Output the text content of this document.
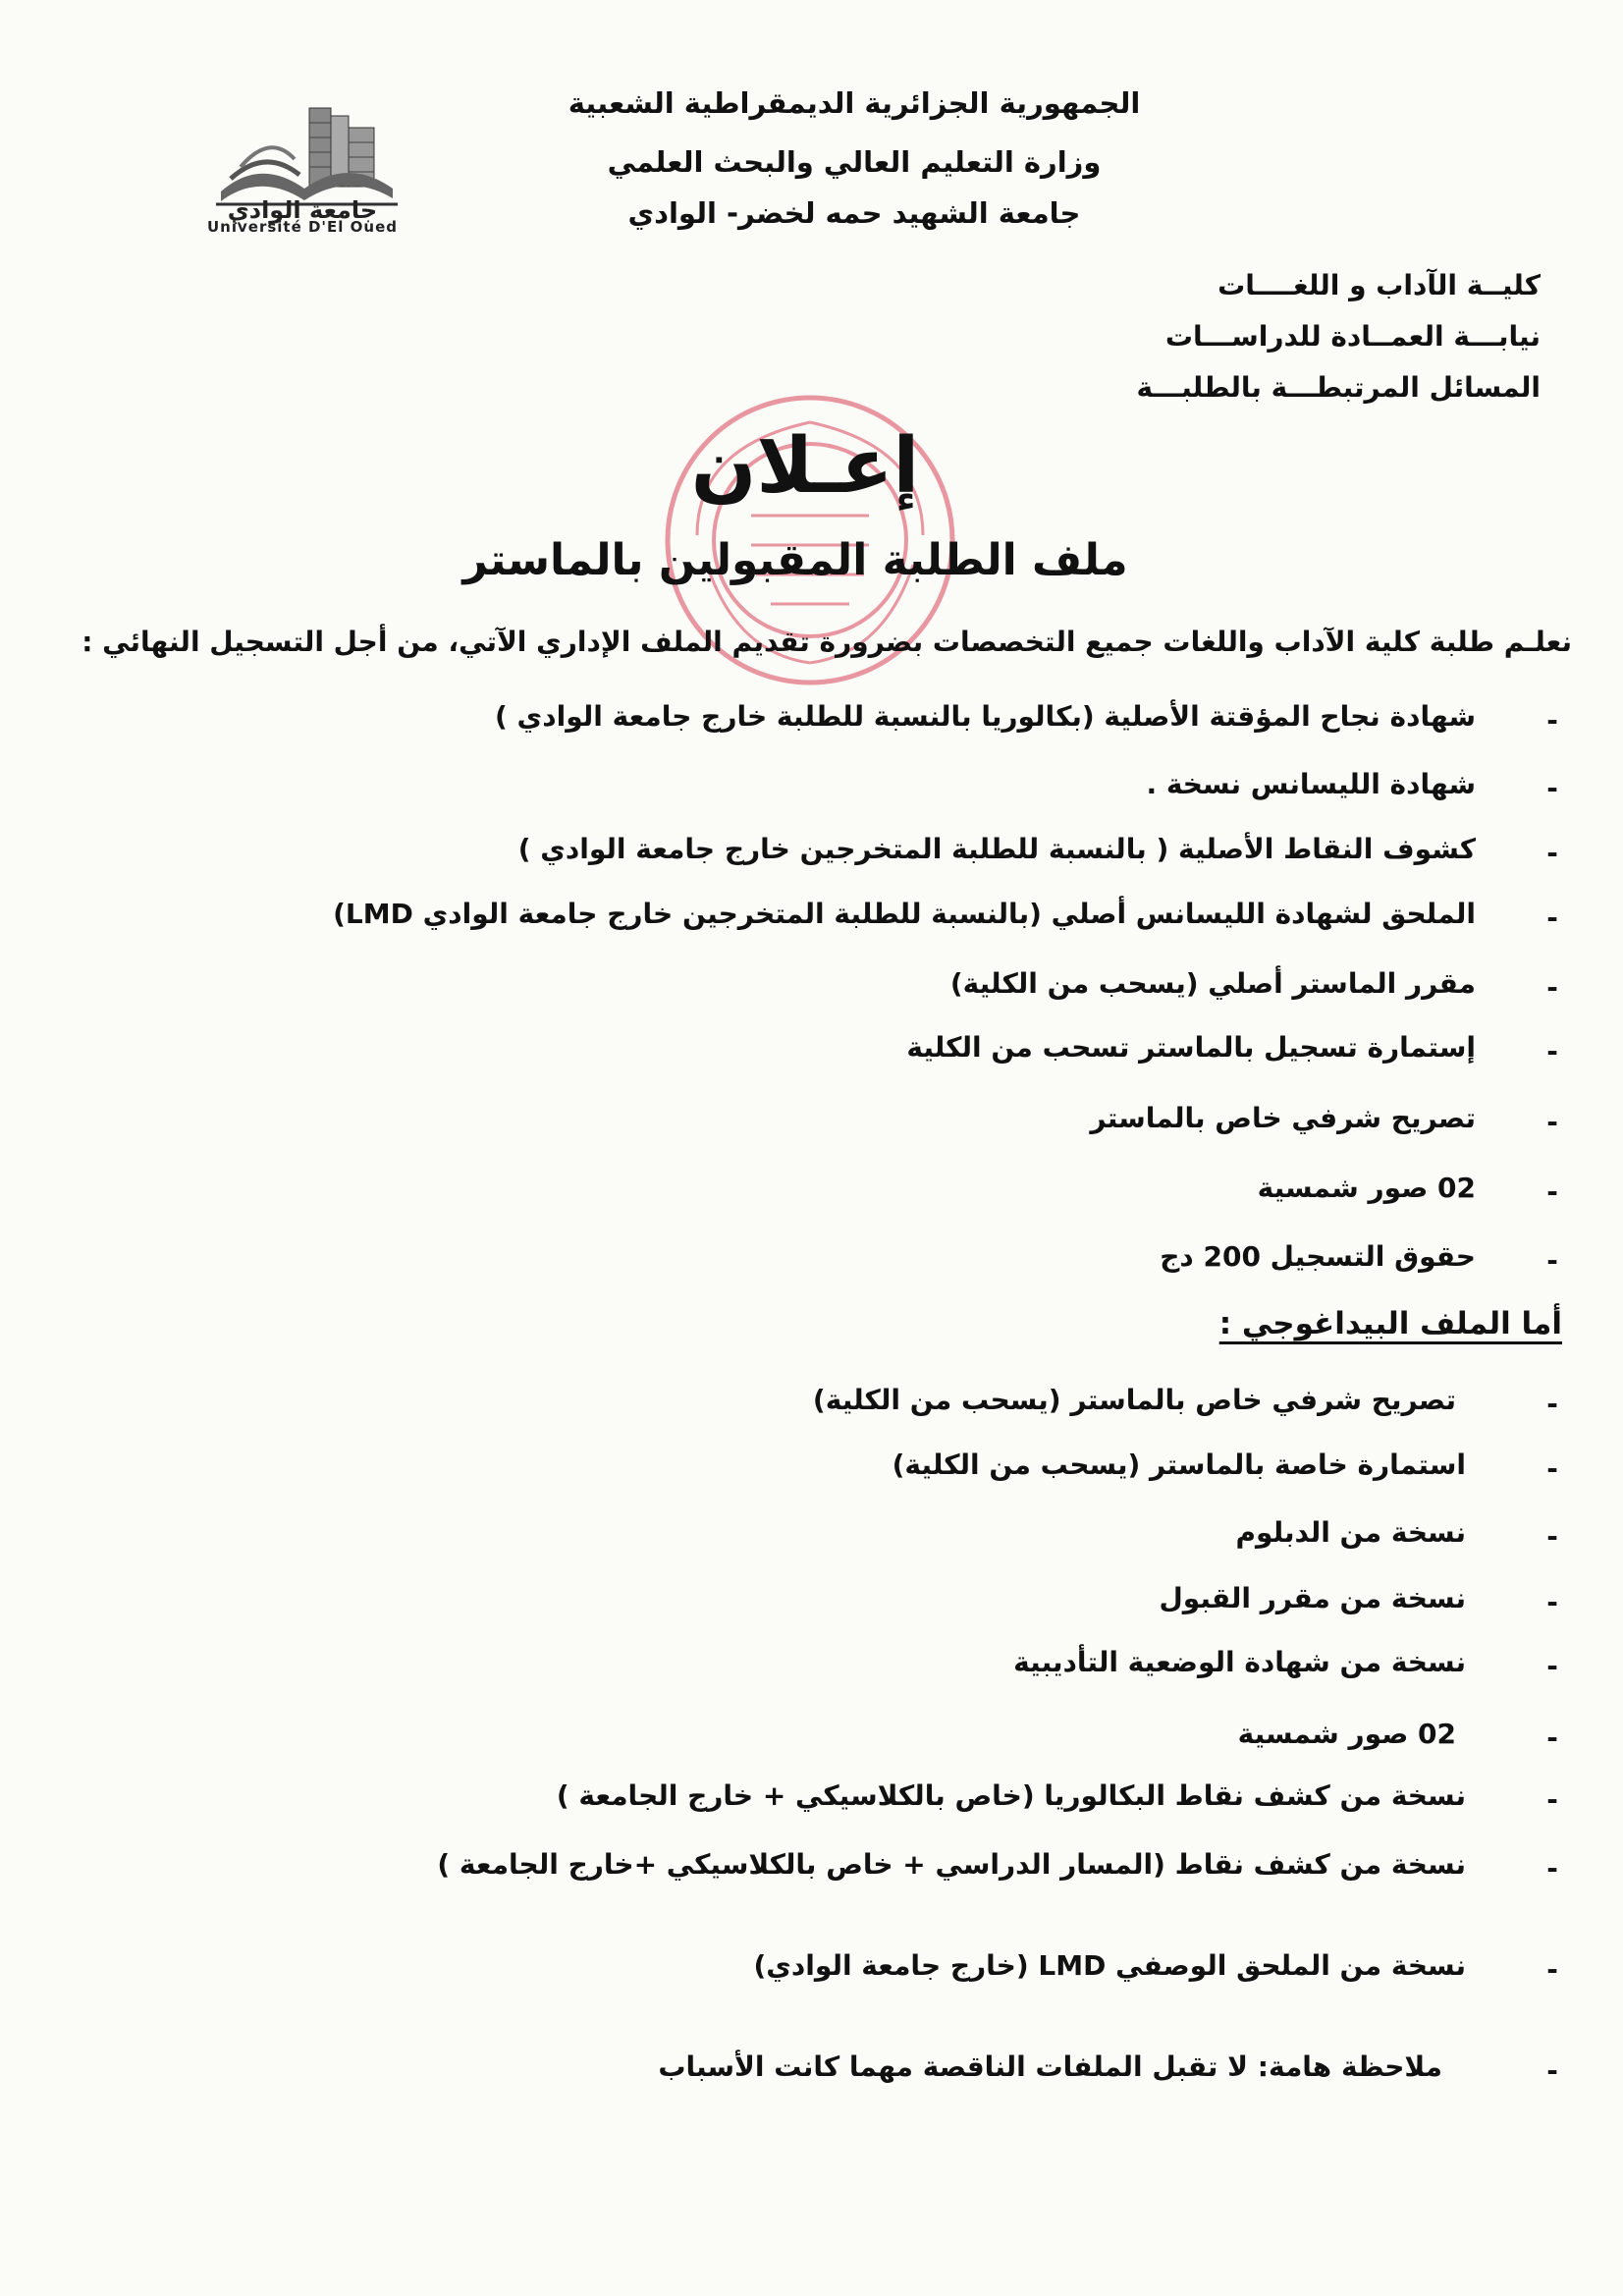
جامعة الوادي
Université D'El Oued
الجمهورية الجزائرية الديمقراطية الشعبية
وزارة التعليم العالي والبحث العلمي
جامعة الشهيد حمه لخضر- الوادي
كليــة الآداب و اللغــــات
نيابـــة العمــادة للدراســـات
المسائل المرتبطـــة بالطلبـــة
إعـلان
ملف الطلبة المقبولين بالماستر
نعلـم طلبة كلية الآداب واللغات جميع التخصصات بضرورة تقديم الملف الإداري الآتي، من أجل التسجيل النهائي :
-
شهادة نجاح المؤقتة الأصلية (بكالوريا بالنسبة للطلبة خارج جامعة الوادي )
-
شهادة الليسانس نسخة .
-
كشوف النقاط الأصلية ( بالنسبة للطلبة المتخرجين خارج جامعة الوادي )
-
الملحق لشهادة الليسانس أصلي (بالنسبة للطلبة المتخرجين خارج جامعة الوادي LMD)
-
مقرر الماستر أصلي (يسحب من الكلية)
-
إستمارة تسجيل بالماستر تسحب من الكلية
-
تصريح شرفي خاص بالماستر
-
02 صور شمسية
-
حقوق التسجيل 200 دج
أما الملف البيداغوجي :
-
تصريح شرفي خاص بالماستر (يسحب من الكلية)
-
استمارة خاصة بالماستر (يسحب من الكلية)
-
نسخة من الدبلوم
-
نسخة من مقرر القبول
-
نسخة من شهادة الوضعية التأديبية
-
02 صور شمسية
-
نسخة من كشف نقاط البكالوريا (خاص بالكلاسيكي + خارج الجامعة )
-
نسخة من كشف نقاط (المسار الدراسي + خاص بالكلاسيكي +خارج الجامعة )
-
نسخة من الملحق الوصفي LMD (خارج جامعة الوادي)
-
ملاحظة هامة: لا تقبل الملفات الناقصة مهما كانت الأسباب
